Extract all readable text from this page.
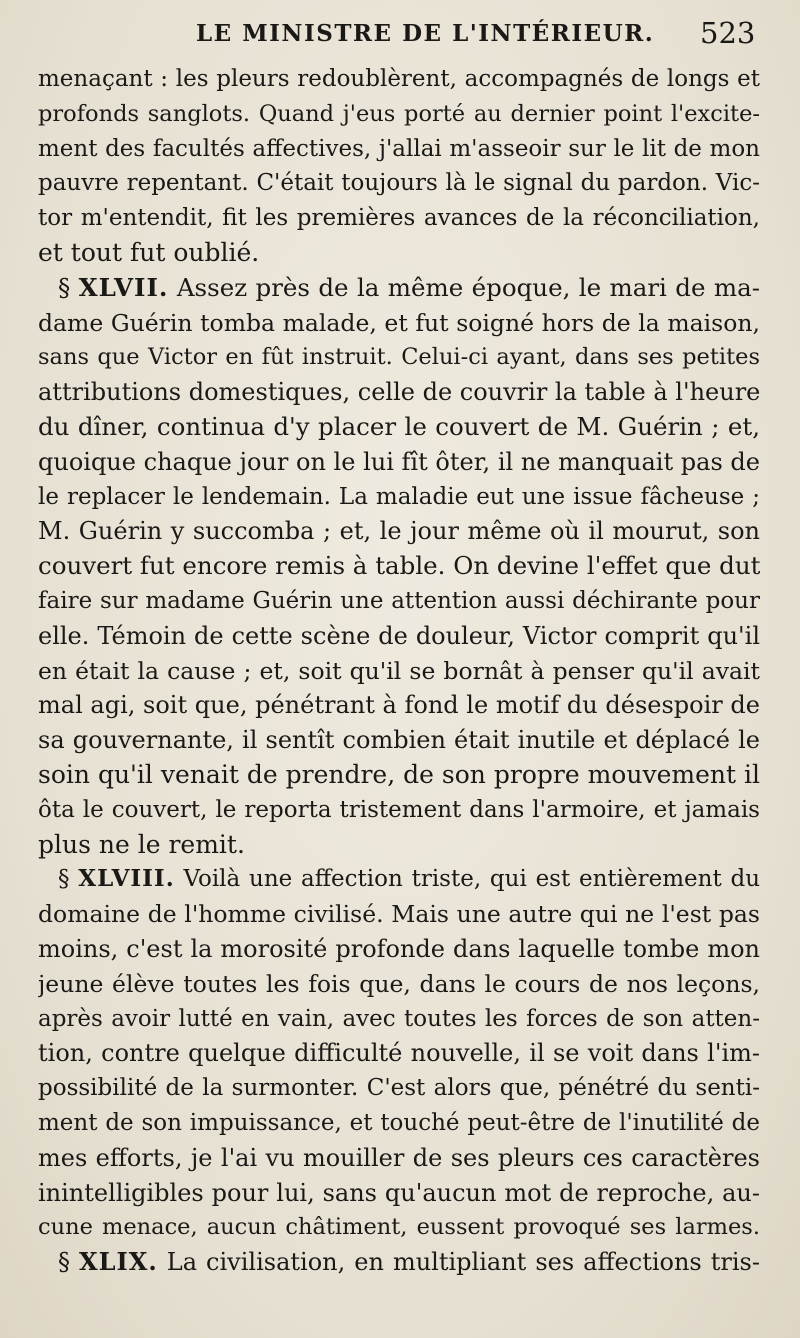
LE MINISTRE DE L'INTÉRIEUR. 523
menaçant : les pleurs redoublèrent, accompagnés de longs et
profonds sanglots. Quand j'eus porté au dernier point l'excite-
ment des facultés affectives, j'allai m'asseoir sur le lit de mon
pauvre repentant. C'était toujours là le signal du pardon. Vic-
tor m'entendit, fit les premières avances de la réconciliation,
et tout fut oublié.
§ XLVII. Assez près de la même époque, le mari de ma-
dame Guérin tomba malade, et fut soigné hors de la maison,
sans que Victor en fût instruit. Celui-ci ayant, dans ses petites
attributions domestiques, celle de couvrir la table à l'heure
du dîner, continua d'y placer le couvert de M. Guérin ; et,
quoique chaque jour on le lui fît ôter, il ne manquait pas de
le replacer le lendemain. La maladie eut une issue fâcheuse ;
M. Guérin y succomba ; et, le jour même où il mourut, son
couvert fut encore remis à table. On devine l'effet que dut
faire sur madame Guérin une attention aussi déchirante pour
elle. Témoin de cette scène de douleur, Victor comprit qu'il
en était la cause ; et, soit qu'il se bornât à penser qu'il avait
mal agi, soit que, pénétrant à fond le motif du désespoir de
sa gouvernante, il sentît combien était inutile et déplacé le
soin qu'il venait de prendre, de son propre mouvement il
ôta le couvert, le reporta tristement dans l'armoire, et jamais
plus ne le remit.
§ XLVIII. Voilà une affection triste, qui est entièrement du
domaine de l'homme civilisé. Mais une autre qui ne l'est pas
moins, c'est la morosité profonde dans laquelle tombe mon
jeune élève toutes les fois que, dans le cours de nos leçons,
après avoir lutté en vain, avec toutes les forces de son atten-
tion, contre quelque difficulté nouvelle, il se voit dans l'im-
possibilité de la surmonter. C'est alors que, pénétré du senti-
ment de son impuissance, et touché peut-être de l'inutilité de
mes efforts, je l'ai vu mouiller de ses pleurs ces caractères
inintelligibles pour lui, sans qu'aucun mot de reproche, au-
cune menace, aucun châtiment, eussent provoqué ses larmes.
§ XLIX. La civilisation, en multipliant ses affections tris-
